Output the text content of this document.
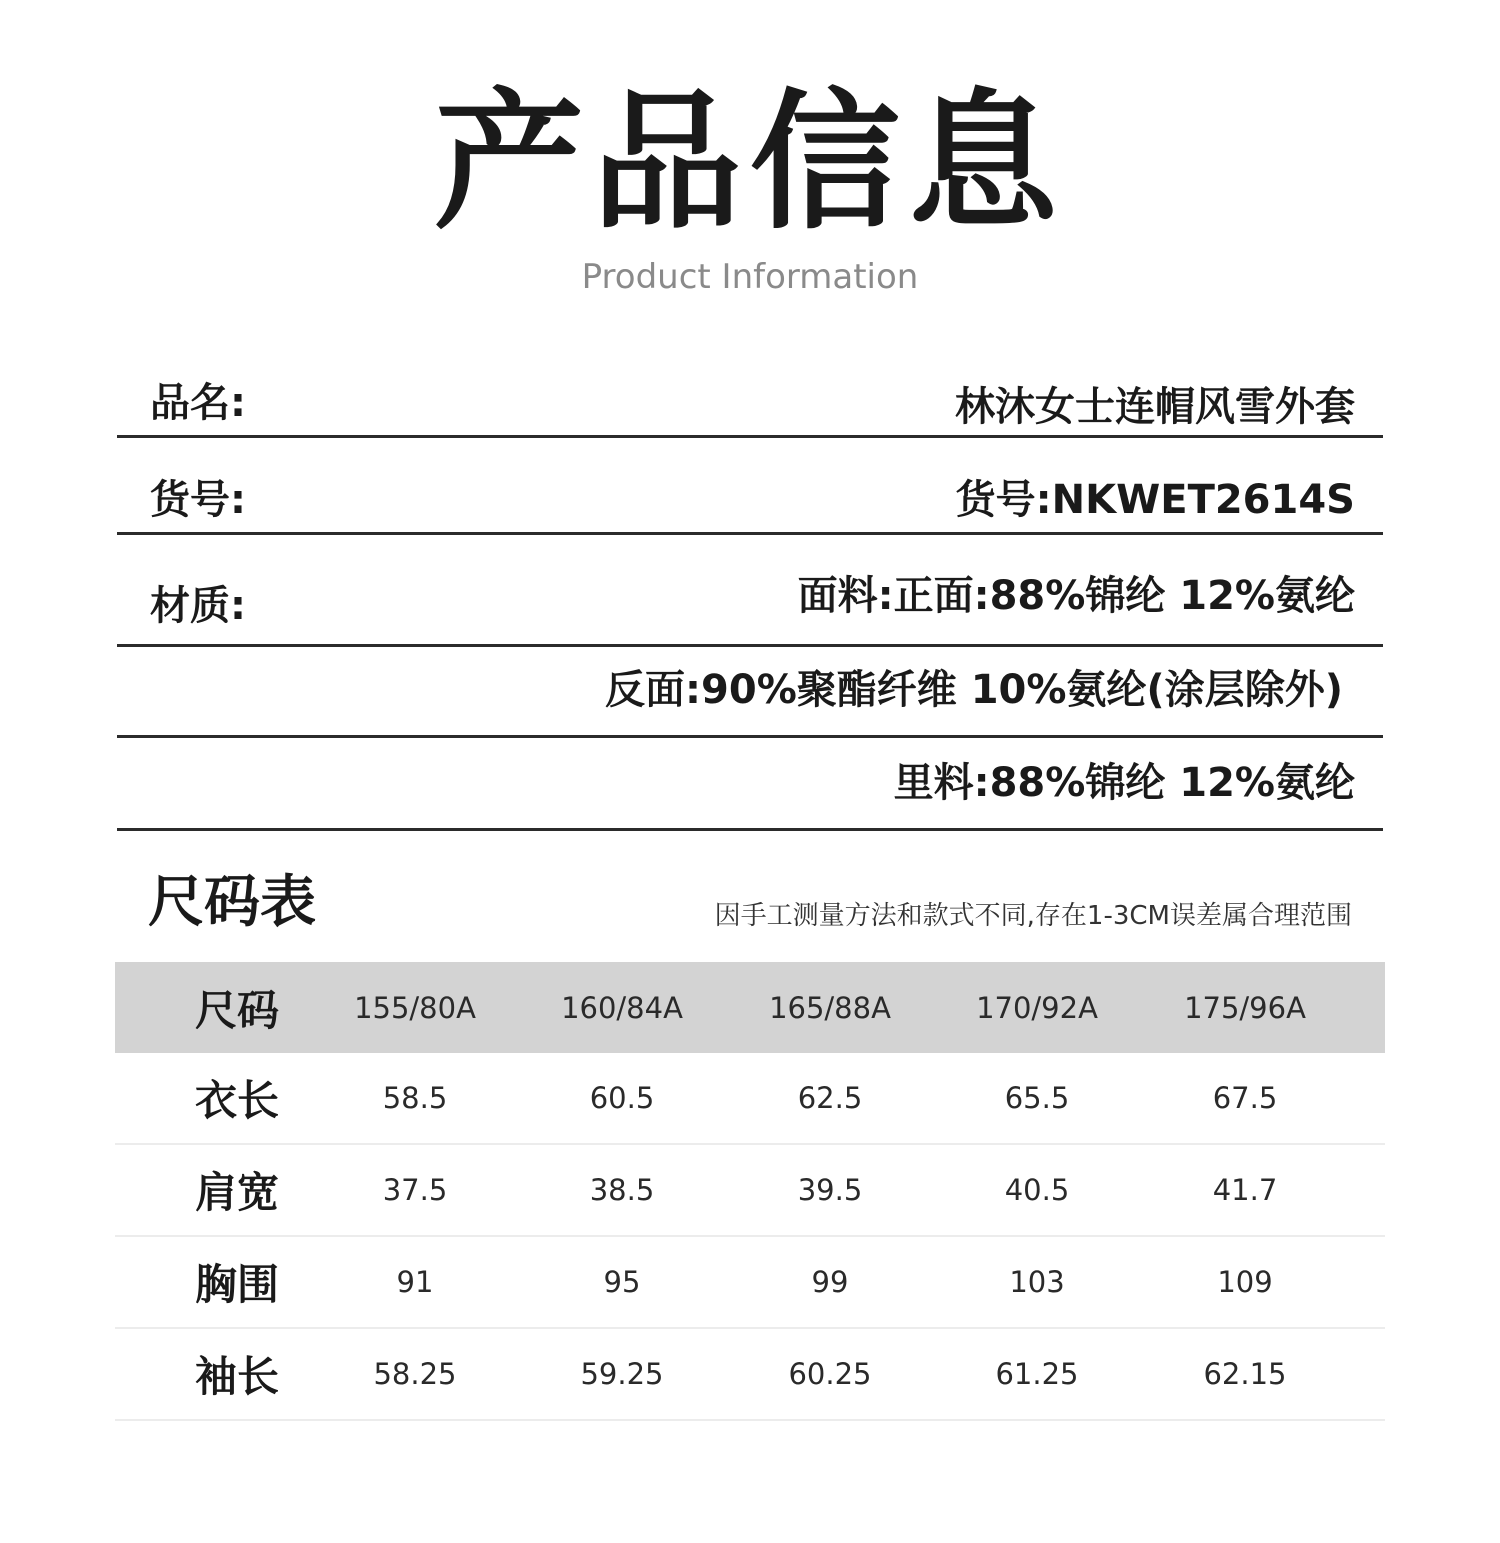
产品信息
Product Information
品名:	林沐女士连帽风雪外套
货号:	货号:NKWET2614S
材质:	面料:正面:88%锦纶 12%氨纶
反面:90%聚酯纤维 10%氨纶(涂层除外)
里料:88%锦纶 12%氨纶
尺码表	因手工测量方法和款式不同,存在1-3CM误差属合理范围
尺码	155/80A	160/84A	165/88A	170/92A	175/96A
衣长	58.5	60.5	62.5	65.5	67.5
肩宽	37.5	38.5	39.5	40.5	41.7
胸围	91	95	99	103	109
袖长	58.25	59.25	60.25	61.25	62.15
